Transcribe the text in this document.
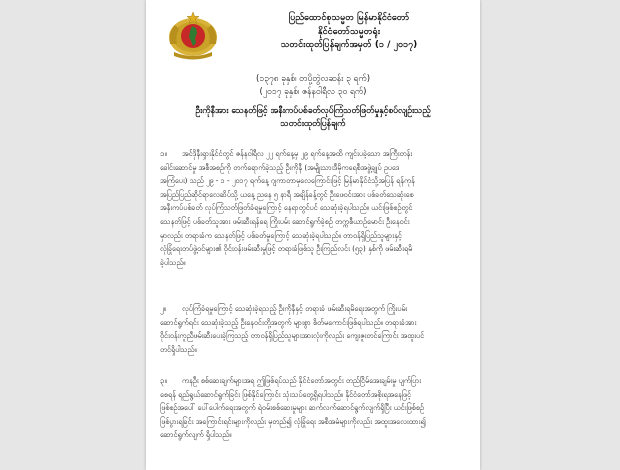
ပြည်ထောင်စုသမ္မတ မြန်မာနိုင်ငံတော်
နိုင်ငံတော်သမ္မတရုံး
သတင်းထုတ်ပြန်ချက်အမှတ် (၁ / ၂၀၁၇)
(၁၃၇၈ ခုနှစ်၊ တပို့တွဲလဆန်း ၃ ရက်)
(၂၀၁၇ ခုနှစ်၊ ဇန်နဝါရီလ ၃၀ ရက်)
ဦးကိုနီအား သေနတ်ဖြင့် အနီးကပ်ပစ်ခတ်လုပ်ကြံသတ်ဖြတ်မှုနှင့်စပ်လျဉ်းသည့်
သတင်းထုတ်ပြန်ချက်
၁။	အင်ဒိုနီးရှားနိုင်ငံတွင် ဇန်နဝါရီလ ၂၂ ရက်နေ့မှ ၂၉ ရက်နေ့အထိ ကျင်းပခဲ့သော အကြီးတန်း
ခေါင်းဆောင်မှု အစီအစဉ်ကို တက်ရောက်ခဲ့သည့် ဦးကိုနီ (အမျိုးသားဒီမိုကရေစီအဖွဲ့ချုပ် ဥပဒေ
အကြံပေး) သည် ၂၉ - ၁ - ၂၀၁၇ ရက်နေ့ ဂျကာတာမှလေကြောင်းဖြင့် မြန်မာနိုင်ငံသို့အပြန် ရန်ကုန်
အပြည်ပြည်ဆိုင်ရာလေဆိပ်သို့ ယနေ့ ညနေ ၅ နာရီ အချိန်ခန့်တွင် ဦးဖေဝင်းအား ပစ်ခတ်သေဆုံးစေ
အနီးကပ်ပစ်ခတ် လုပ်ကြံသတ်ဖြတ်ခံရမှုကြောင့် နေရာတွင်ပင် သေဆုံးခဲ့ရပါသည်။ ယင်းဖြစ်စဉ်တွင်
သေနတ်ဖြင့် ပစ်ခတ်သူအား ဖမ်းဆီးရန်ရေ ကြိုးပမ်း ဆောင်ရွက်ခဲ့စဉ် တက္ကစီယာဉ်မောင်း ဦးနေဝင်း
မှာလည်း တရားခံက သေနတ်ဖြင့် ပစ်ခတ်မှုကြောင့် သေဆုံးခဲ့ရပါသည်။ တာဝန်ရှိပြည်သူများနှင့်
လုံခြုံရေးတပ်ဖွဲ့ဝင်များ၏ ဝိုင်းဝန်းဖမ်းဆီးမှုဖြင့် တရားခံဖြစ်သူ ဦးကြည်လင်း (၅၃) နှစ်ကို ဖမ်းဆီးရမိ
ခဲ့ပါသည်။
၂။	လုပ်ကြံခံရမှုကြောင့် သေဆုံးခဲ့ရသည့် ဦးကိုနီနှင့် တရားခံ ဖမ်းဆီးရမိရေးအတွက် ကြိုးပမ်း
ဆောင်ရွက်ရင်း သေဆုံးခဲ့သည့် ဦးနေဝင်းတို့အတွက် များစွာ စိတ်မကောင်းဖြစ်ရပါသည်။ တရားခံအား
ဝိုင်းဝန်းကူညီဖမ်းဆီးပေးခဲ့ကြသည့် တာဝန်ရှိပြည်သူများအားလုံးကိုလည်း ကျေးဇူးတင်ကြောင်း အထူးပင်
တင်ရှိပါသည်။
၃။	ကနဦး စစ်ဆေးချက်များအရ ဤဖြစ်ရပ်သည် နိုင်ငံတော်အတွင်း တည်ငြိမ်အေးချမ်းမှု ပျက်ပြား
စေရန် ရည်ရွယ်ဆောင်ရွက်ခြင်း ဖြစ်နိုင်ကြောင်း သုံးသပ်တွေ့ရှိရပါသည်။ နိုင်ငံတော်အစိုးရအနေဖြင့်
ဖြစ်စဉ်အပေါ် ပေါ်ပေါက်ရေးအတွက် ရဲဝမ်းစစ်ဆေးမှုများ ဆက်လက်ဆောင်ရွက်လျက်ရှိပြီး ယင်းဖြစ်စဉ်
ဖြစ်ပွားရခြင်း အကြောင်းရင်းများကိုလည်း မှတည်၍ လုံခြုံရေး အစီအမံများကိုလည်း အထူးအလေးထား၍
ဆောင်ရွက်လျက် ရှိပါသည်။
